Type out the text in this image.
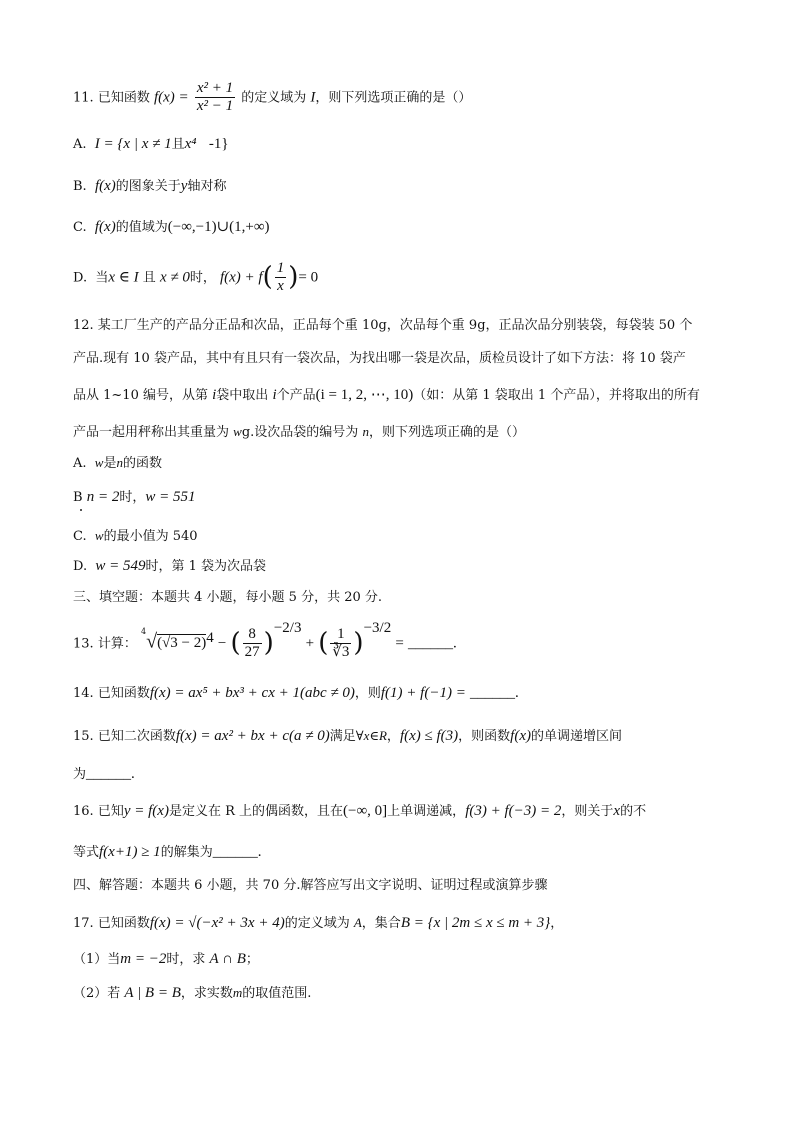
11. 已知函数 $f(x) = \frac{\text{x² + 1}}{\text{x² − 1}}$ 的定义域为 I，则下列选项正确的是（）
A. I = {x | x ≠ 1且x⁴ -1}
B. f(x)的图象关于y轴对称
C. f(x)的值域为(−∞,−1)∪(1,+∞)
D. 当x ∈ I 且 x ≠ 0时， $f(x) + f( \frac{1}{x}$ )= 0
12. 某工厂生产的产品分正品和次品，正品每个重 10g，次品每个重 9g，正品次品分别装袋，每袋装 50 个
产品.现有 10 袋产品，其中有且只有一袋次品，为找出哪一袋是次品，质检员设计了如下方法：将 10 袋产
品从 1~10 编号，从第 i袋中取出 i个产品(i = 1, 2, ⋯, 10)（如：从第 1 袋取出 1 个产品），并将取出的所有
产品一起用秤称出其重量为 wg.设次品袋的编号为 n，则下列选项正确的是（）
A. w是n的函数
B n = 2时，w = 551
C. w的最小值为 540
D. w = 549时，第 1 袋为次品袋
三、填空题：本题共 4 小题，每小题 5 分，共 20 分.
13. 计算： $^4√(√3 - 2)^4$ − ( $\frac{8}{27} )^{-2/3}$ + ( $\frac{1}{∛3} )^{-3/2}$ = ______.
14. 已知函数f(x) = ax⁵ + bx³ + cx + 1(abc ≠ 0)，则f(1) + f(−1) = ______.
15. 已知二次函数f(x) = ax² + bx + c(a ≠ 0)满足∀x∈R，f(x) ≤ f(3)，则函数f(x)的单调递增区间
为______.
16. 已知y = f(x)是定义在 R 上的偶函数，且在(−∞, 0]上单调递减，f(3) + f(−3) = 2，则关于x的不
等式f(x+1) ≥ 1的解集为______.
四、解答题：本题共 6 小题，共 70 分.解答应写出文字说明、证明过程或演算步骤
17. 已知函数f(x) = √(−x² + 3x + 4)的定义域为 A，集合B = {x | 2m ≤ x ≤ m + 3}，
（1）当m = −2时，求 A ∩ B；
（2）若 A | B = B，求实数m的取值范围.
